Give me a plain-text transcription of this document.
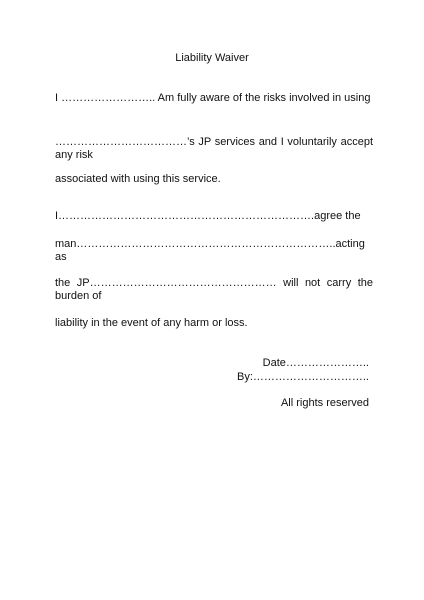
Liability Waiver
I …………………….. Am fully aware of the risks involved in using
………………………………’s JP services and I voluntarily accept any risk
associated with using this service.
I…………………………………………………………….agree the
man……………………………………………………………..acting as
the JP…………………………………………… will not carry the burden of
liability in the event of any harm or loss.
Date…………………..
By:…………………………..
All rights reserved
